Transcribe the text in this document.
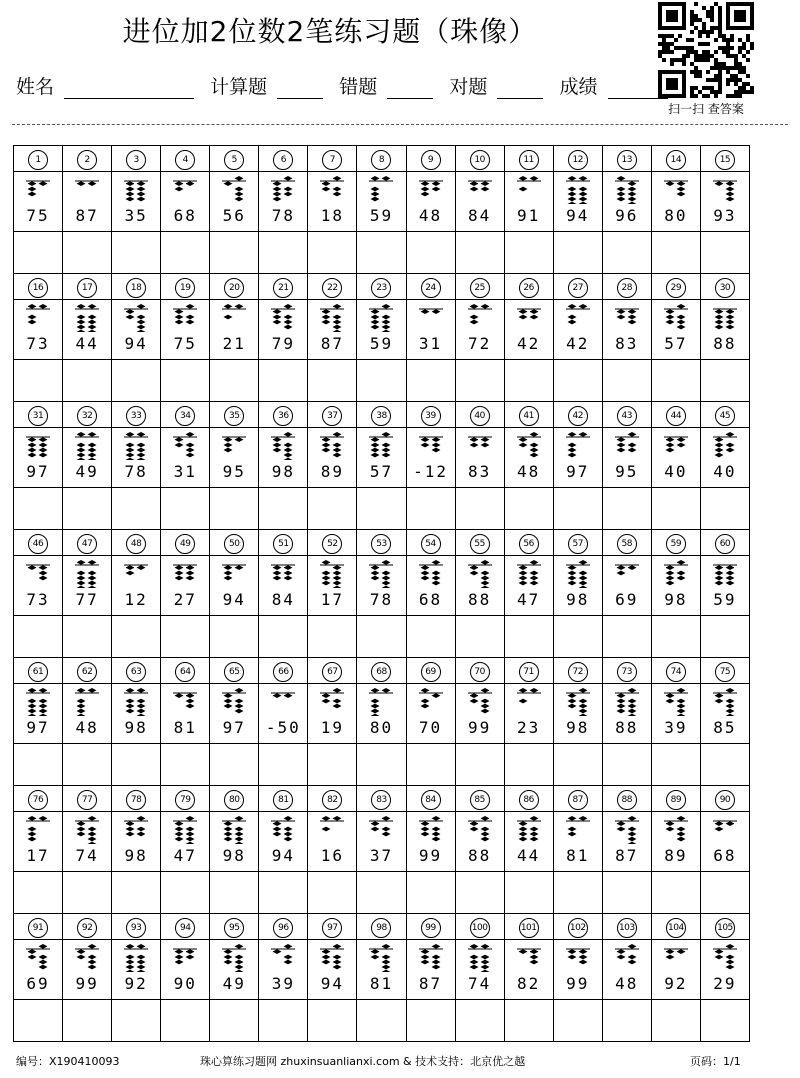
进位加2位数2笔练习题（珠像）
姓名	计算题	错题	对题	成绩
扫一扫 查答案
1	2	3	4	5	6	7	8	9	10	11	12	13	14	15

75	87	35	68	56	78	18	59	48	84	91	94	96	80	93

16	17	18	19	20	21	22	23	24	25	26	27	28	29	30

73	44	94	75	21	79	87	59	31	72	42	42	83	57	88

31	32	33	34	35	36	37	38	39	40	41	42	43	44	45

97	49	78	31	95	98	89	57	-12	83	48	97	95	40	40

46	47	48	49	50	51	52	53	54	55	56	57	58	59	60

73	77	12	27	94	84	17	78	68	88	47	98	69	98	59

61	62	63	64	65	66	67	68	69	70	71	72	73	74	75

97	48	98	81	97	-50	19	80	70	99	23	98	88	39	85

76	77	78	79	80	81	82	83	84	85	86	87	88	89	90

17	74	98	47	98	94	16	37	99	88	44	81	87	89	68

91	92	93	94	95	96	97	98	99	100	101	102	103	104	105

69	99	92	90	49	39	94	81	87	74	82	99	48	92	29

编号：X190410093	珠心算练习题网 zhuxinsuanlianxi.com & 技术支持：北京优之越	页码：1/1
